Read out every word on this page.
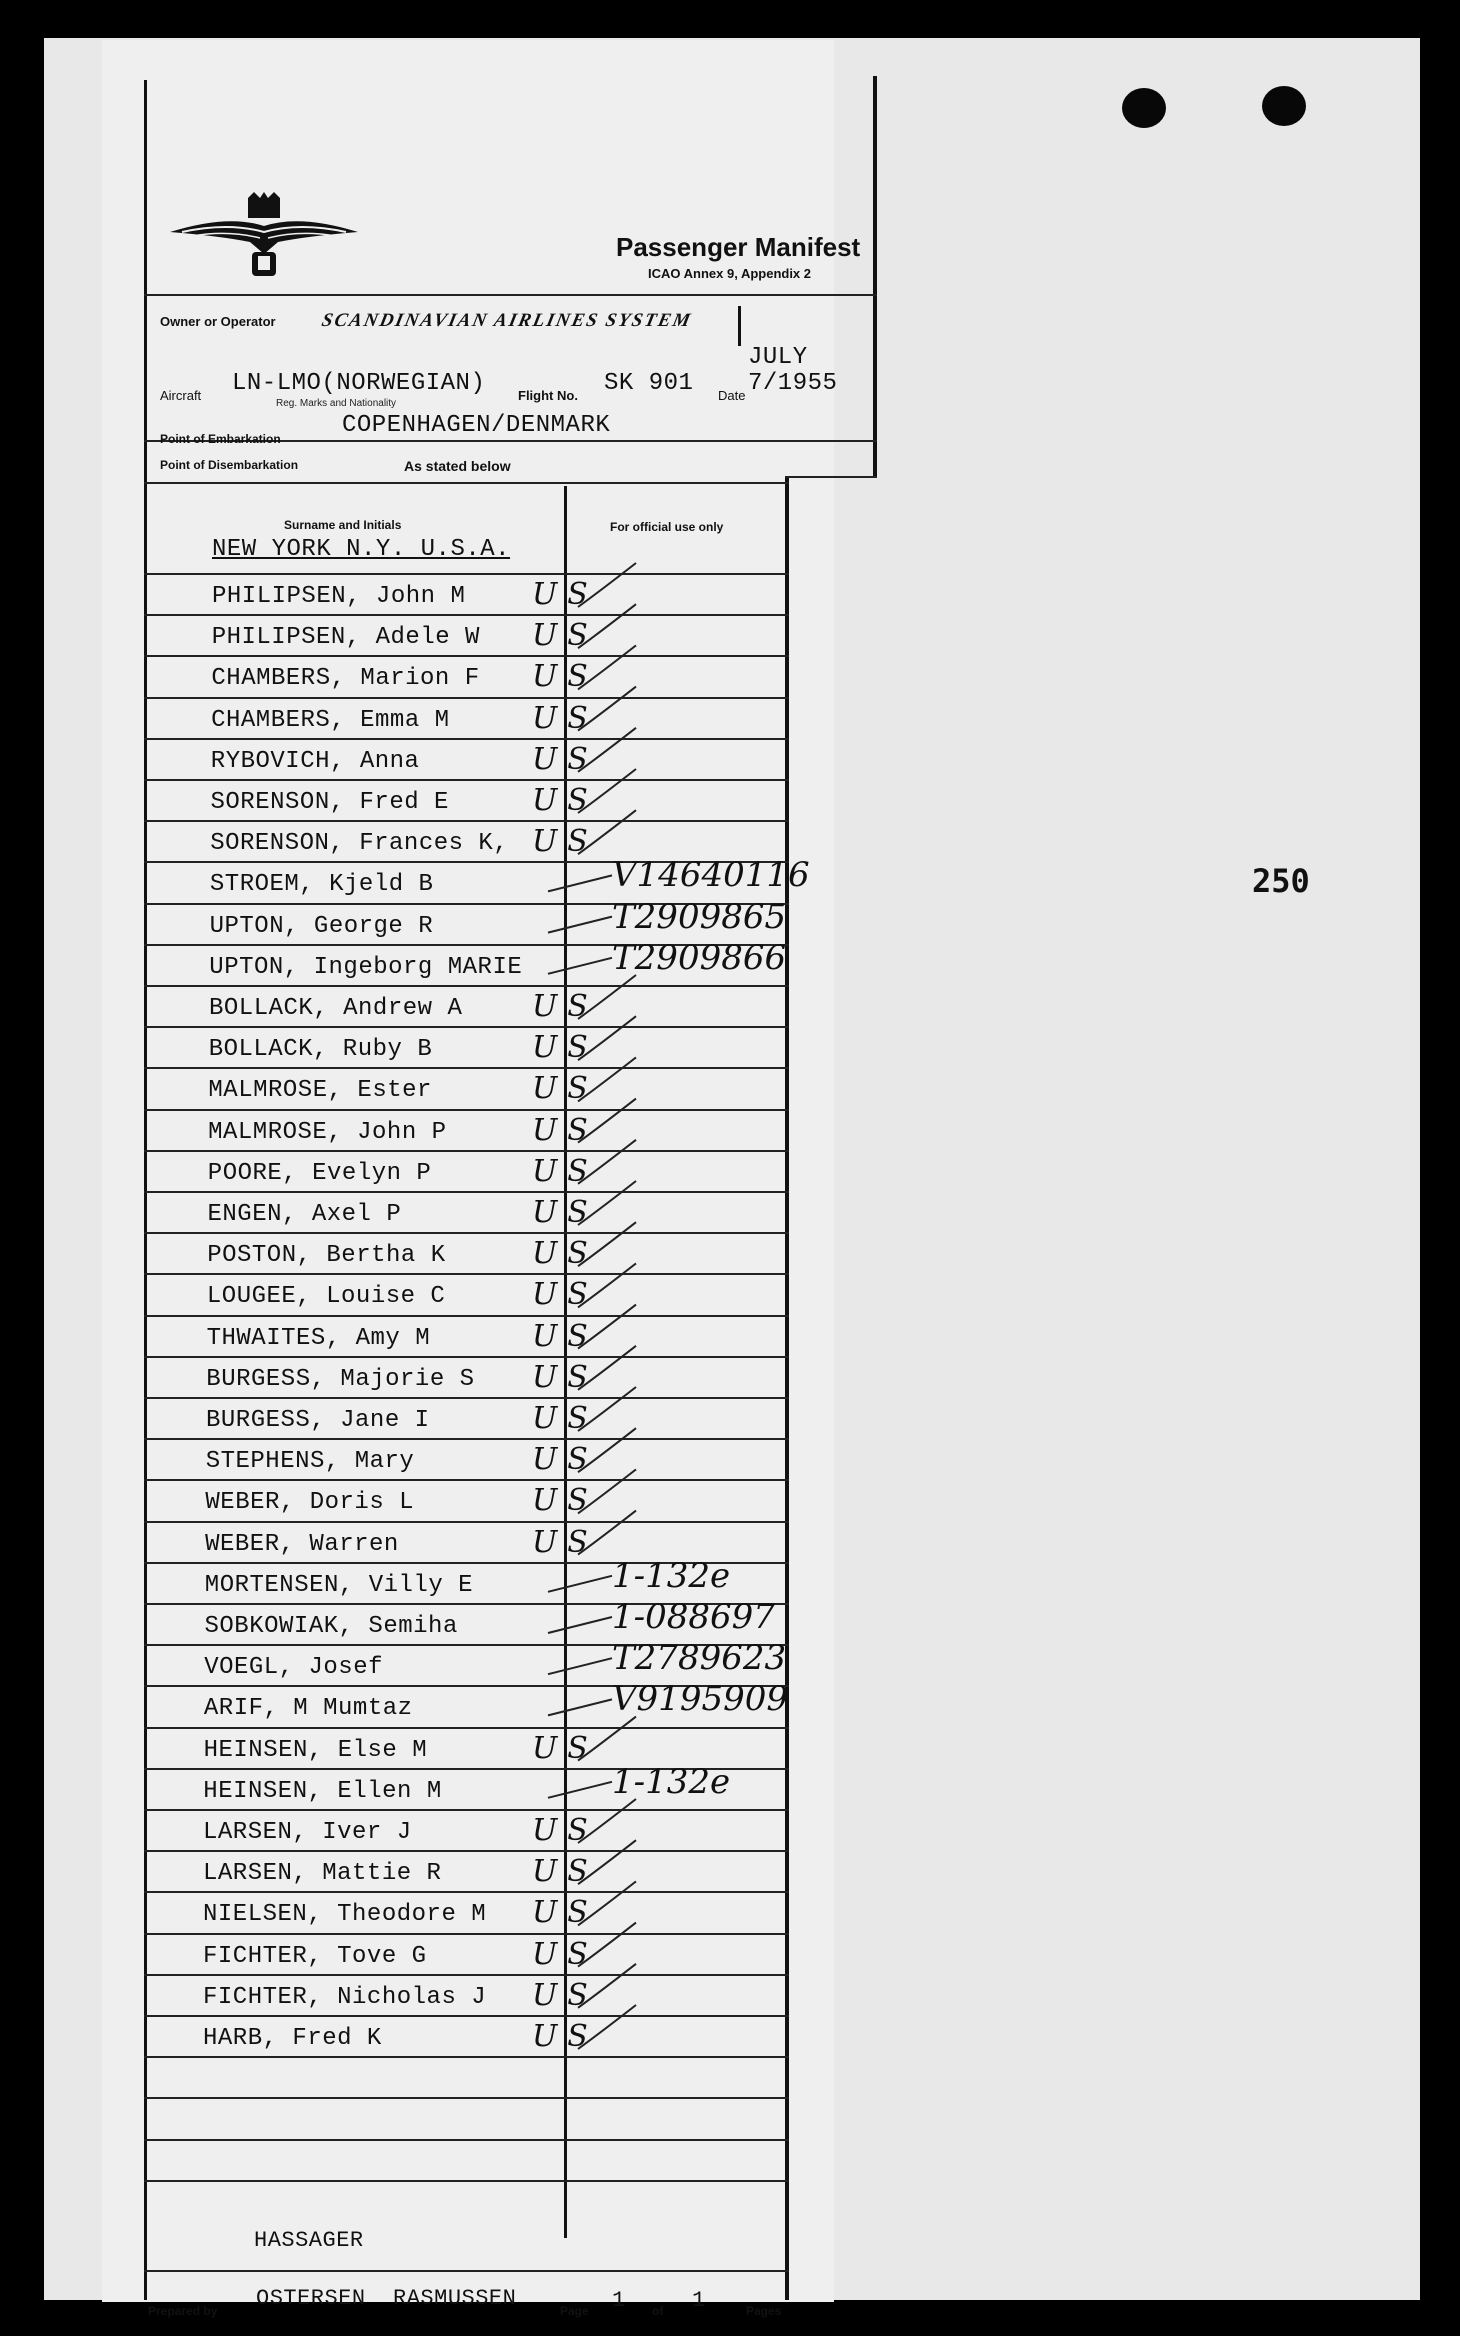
Passenger Manifest
ICAO Annex 9, Appendix 2
Owner or Operator SCANDINAVIAN AIRLINES SYSTEM
Aircraft LN-LMO(NORWEGIAN)
Reg. Marks and Nationality
Flight No. SK 901 Date
JULY
7/1955
Point of Embarkation	COPENHAGEN/DENMARK
Point of Disembarkation	As stated below
Surname and Initials	For official use only
NEW YORK N.Y. U.S.A.
PHILIPSEN, John M US
PHILIPSEN, Adele W US
CHAMBERS, Marion F US
CHAMBERS, Emma M	US
RYBOVICH, Anna	US
SORENSON, Fred E	US
SORENSON, Frances K, US
STROEM, Kjeld B	V14640116
UPTON, George R	T2909865
UPTON, Ingeborg MARIE	T2909866
BOLLACK, Andrew A US
BOLLACK, Ruby B	US
MALMROSE, Ester	US
MALMROSE, John P	US
POORE, Evelyn P	US
ENGEN, Axel P	US
POSTON, Bertha K	US
LOUGEE, Louise C	US
THWAITES, Amy M	US
BURGESS, Majorie S US
BURGESS, Jane I	US
STEPHENS, Mary	US
WEBER, Doris L	US
WEBER, Warren	US
MORTENSEN, Villy E	1-132e
SOBKOWIAK, Semiha	1-088697
VOEGL, Josef	T2789623
ARIF, M Mumtaz	V9195909
HEINSEN, Else M	US
HEINSEN, Ellen M	1-132e
LARSEN, Iver J	US
LARSEN, Mattie R	US
NIELSEN, Theodore M US
FICHTER, Tove G	US
FICHTER, Nicholas J US
HARB, Fred K	US
250
HASSAGER
Prepared by OSTERSEN  RASMUSSEN	Page 1 of 1	Pages
